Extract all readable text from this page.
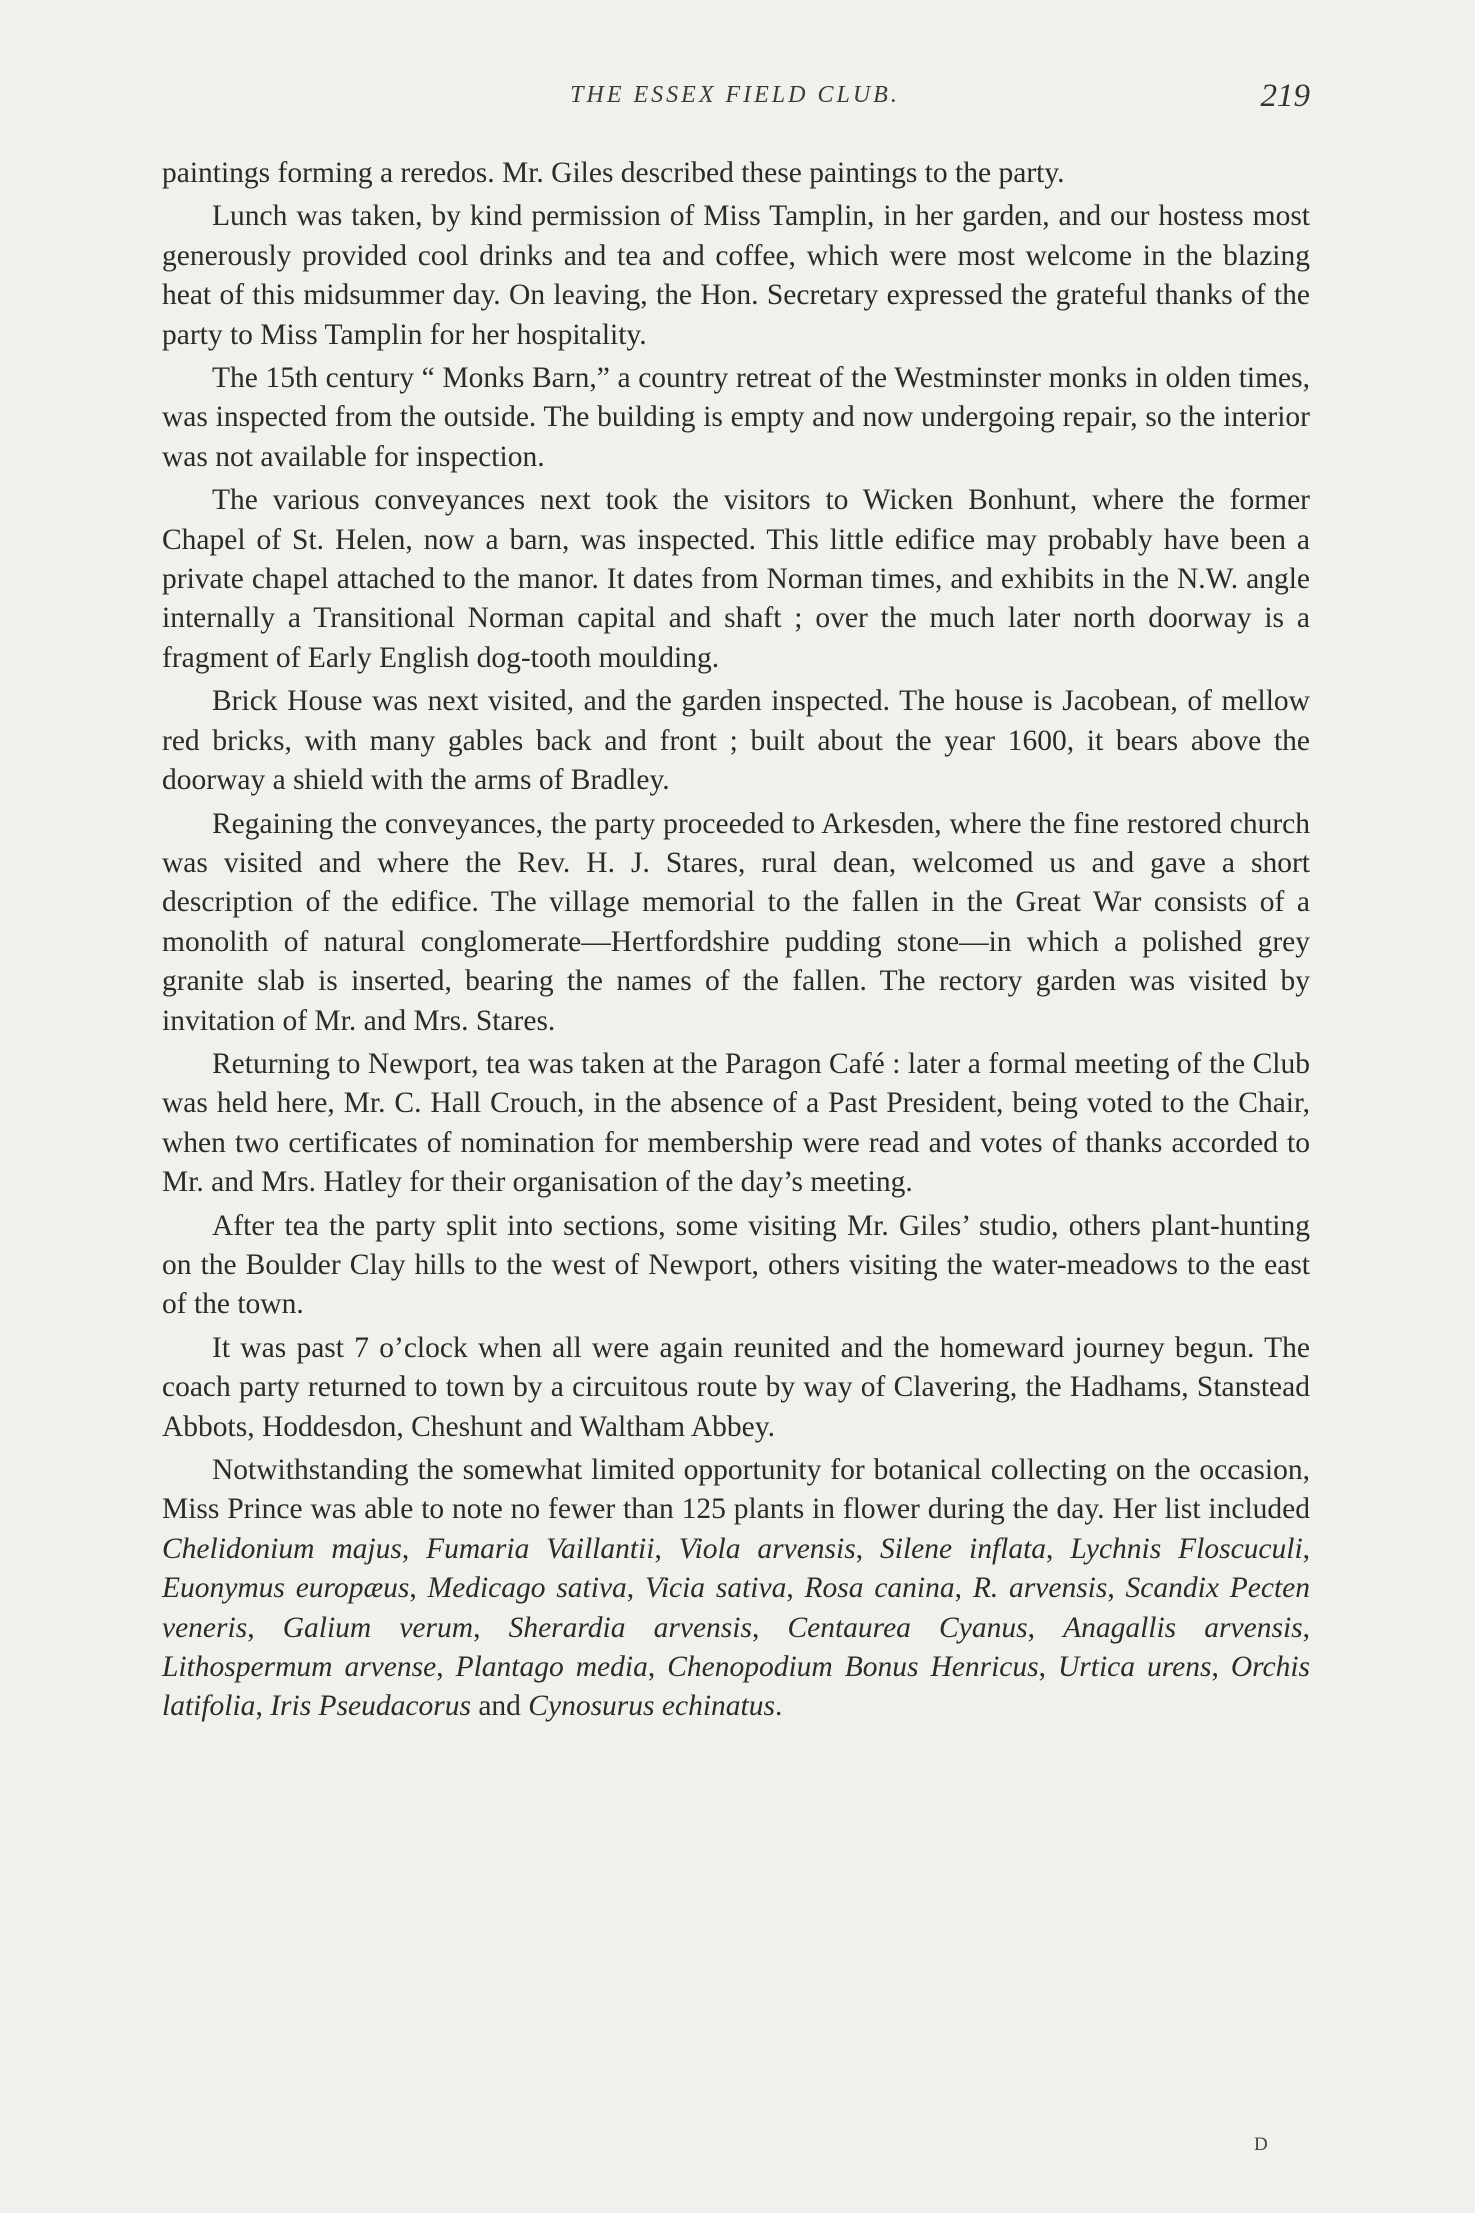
THE ESSEX FIELD CLUB.	219

paintings forming a reredos. Mr. Giles described these paintings to the party.

Lunch was taken, by kind permission of Miss Tamplin, in her garden, and our hostess most generously provided cool drinks and tea and coffee, which were most welcome in the blazing heat of this midsummer day. On leaving, the Hon. Secretary expressed the grateful thanks of the party to Miss Tamplin for her hospitality.

The 15th century “ Monks Barn,” a country retreat of the Westminster monks in olden times, was inspected from the outside. The building is empty and now undergoing repair, so the interior was not available for inspection.

The various conveyances next took the visitors to Wicken Bonhunt, where the former Chapel of St. Helen, now a barn, was inspected. This little edifice may probably have been a private chapel attached to the manor. It dates from Norman times, and exhibits in the N.W. angle internally a Transitional Norman capital and shaft ; over the much later north doorway is a fragment of Early English dog-tooth moulding.

Brick House was next visited, and the garden inspected. The house is Jacobean, of mellow red bricks, with many gables back and front ; built about the year 1600, it bears above the doorway a shield with the arms of Bradley.

Regaining the conveyances, the party proceeded to Arkesden, where the fine restored church was visited and where the Rev. H. J. Stares, rural dean, welcomed us and gave a short description of the edifice. The village memorial to the fallen in the Great War consists of a monolith of natural conglomerate—Hertfordshire pudding stone—in which a polished grey granite slab is inserted, bearing the names of the fallen. The rectory garden was visited by invitation of Mr. and Mrs. Stares.

Returning to Newport, tea was taken at the Paragon Café : later a formal meeting of the Club was held here, Mr. C. Hall Crouch, in the absence of a Past President, being voted to the Chair, when two certificates of nomination for membership were read and votes of thanks accorded to Mr. and Mrs. Hatley for their organisation of the day’s meeting.

After tea the party split into sections, some visiting Mr. Giles’ studio, others plant-hunting on the Boulder Clay hills to the west of Newport, others visiting the water-meadows to the east of the town.

It was past 7 o’clock when all were again reunited and the homeward journey begun. The coach party returned to town by a circuitous route by way of Clavering, the Hadhams, Stanstead Abbots, Hoddesdon, Cheshunt and Waltham Abbey.

Notwithstanding the somewhat limited opportunity for botanical collecting on the occasion, Miss Prince was able to note no fewer than 125 plants in flower during the day. Her list included Chelidonium majus, Fumaria Vaillantii, Viola arvensis, Silene inflata, Lychnis Floscuculi, Euonymus europæus, Medicago sativa, Vicia sativa, Rosa canina, R. arvensis, Scandix Pecten veneris, Galium verum, Sherardia arvensis, Centaurea Cyanus, Anagallis arvensis, Lithospermum arvense, Plantago media, Chenopodium Bonus Henricus, Urtica urens, Orchis latifolia, Iris Pseudacorus and Cynosurus echinatus.

D
